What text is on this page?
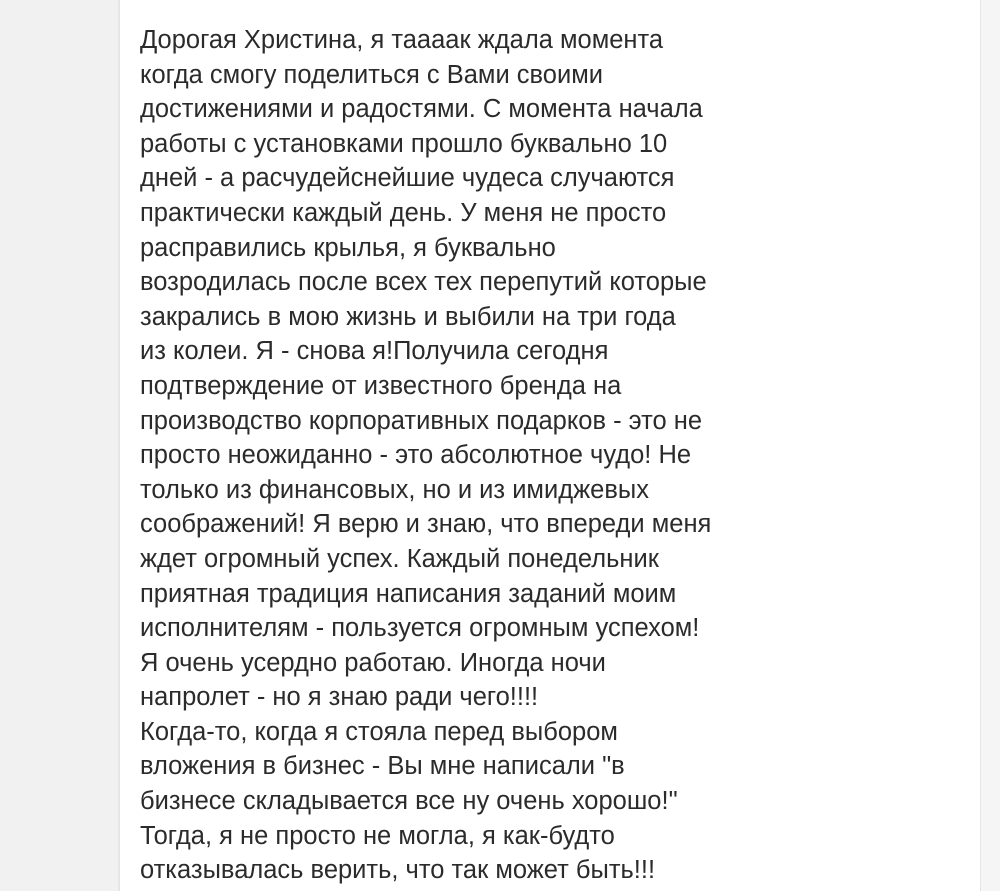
Дорогая Христина, я таааак ждала момента

когда смогу поделиться с Вами своими

достижениями и радостями. С момента начала

работы с установками прошло буквально 10

дней - а расчудейснейшие чудеса случаются

практически каждый день. У меня не просто

расправились крылья, я буквально

возродилась после всех тех перепутий которые

закрались в мою жизнь и выбили на три года

из колеи. Я - снова я!Получила сегодня

подтверждение от известного бренда на

производство корпоративных подарков - это не

просто неожиданно - это абсолютное чудо! Не

только из финансовых, но и из имиджевых

соображений! Я верю и знаю, что впереди меня

ждет огромный успех. Каждый понедельник

приятная традиция написания заданий моим

исполнителям - пользуется огромным успехом!

Я очень усердно работаю. Иногда ночи

напролет - но я знаю ради чего!!!!

Когда-то, когда я стояла перед выбором

вложения в бизнес - Вы мне написали "в

бизнесе складывается все ну очень хорошо!"

Тогда, я не просто не могла, я как-будто

отказывалась верить, что так может быть!!!
